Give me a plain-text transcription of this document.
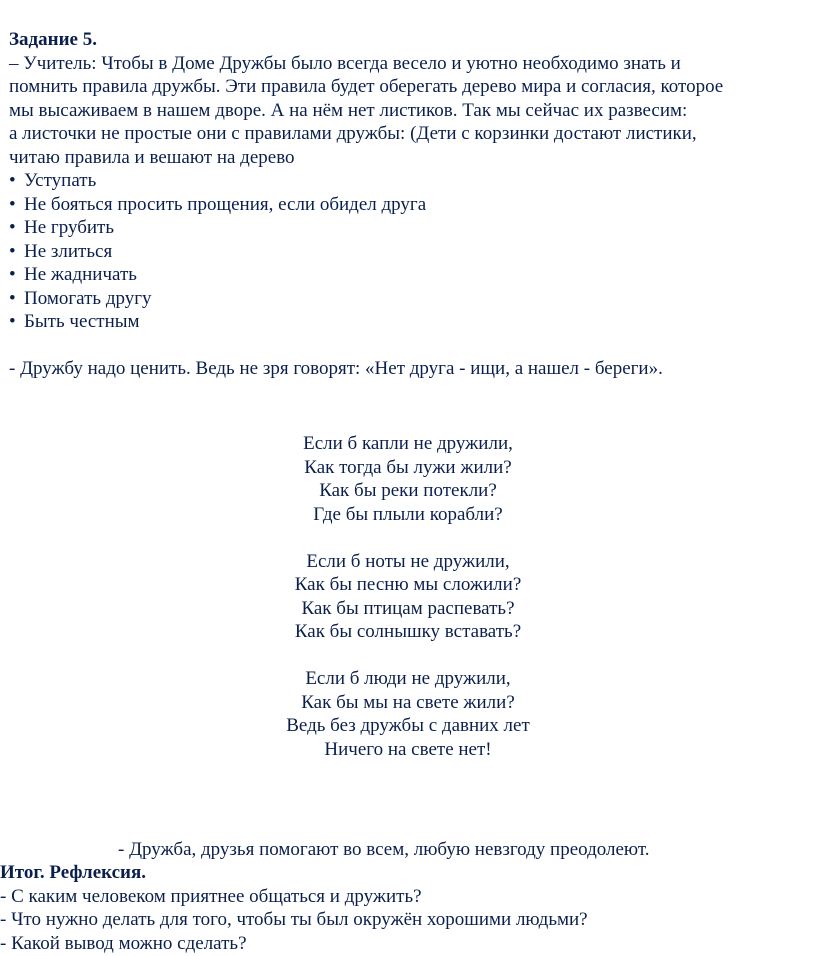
Задание 5.
– Учитель: Чтобы в Доме Дружбы было всегда весело и уютно необходимо знать и
помнить правила дружбы. Эти правила будет оберегать дерево мира и согласия, которое
мы высаживаем в нашем дворе. А на нём нет листиков. Так мы сейчас их развесим:
а листочки не простые они с правилами дружбы: (Дети с корзинки достают листики,
читаю правила и вешают на дерево
• Уступать
• Не бояться просить прощения, если обидел друга
• Не грубить
• Не злиться
• Не жадничать
• Помогать другу
• Быть честным
- Дружбу надо ценить. Ведь не зря говорят: «Нет друга - ищи, а нашел - береги».
Если б капли не дружили,
Как тогда бы лужи жили?
Как бы реки потекли?
Где бы плыли корабли?
Если б ноты не дружили,
Как бы песню мы сложили?
Как бы птицам распевать?
Как бы солнышку вставать?
Если б люди не дружили,
Как бы мы на свете жили?
Ведь без дружбы с давних лет
Ничего на свете нет!
- Дружба, друзья помогают во всем, любую невзгоду преодолеют.
Итог. Рефлексия.
- С каким человеком приятнее общаться и дружить?
- Что нужно делать для того, чтобы ты был окружён хорошими людьми?
- Какой вывод можно сделать?
